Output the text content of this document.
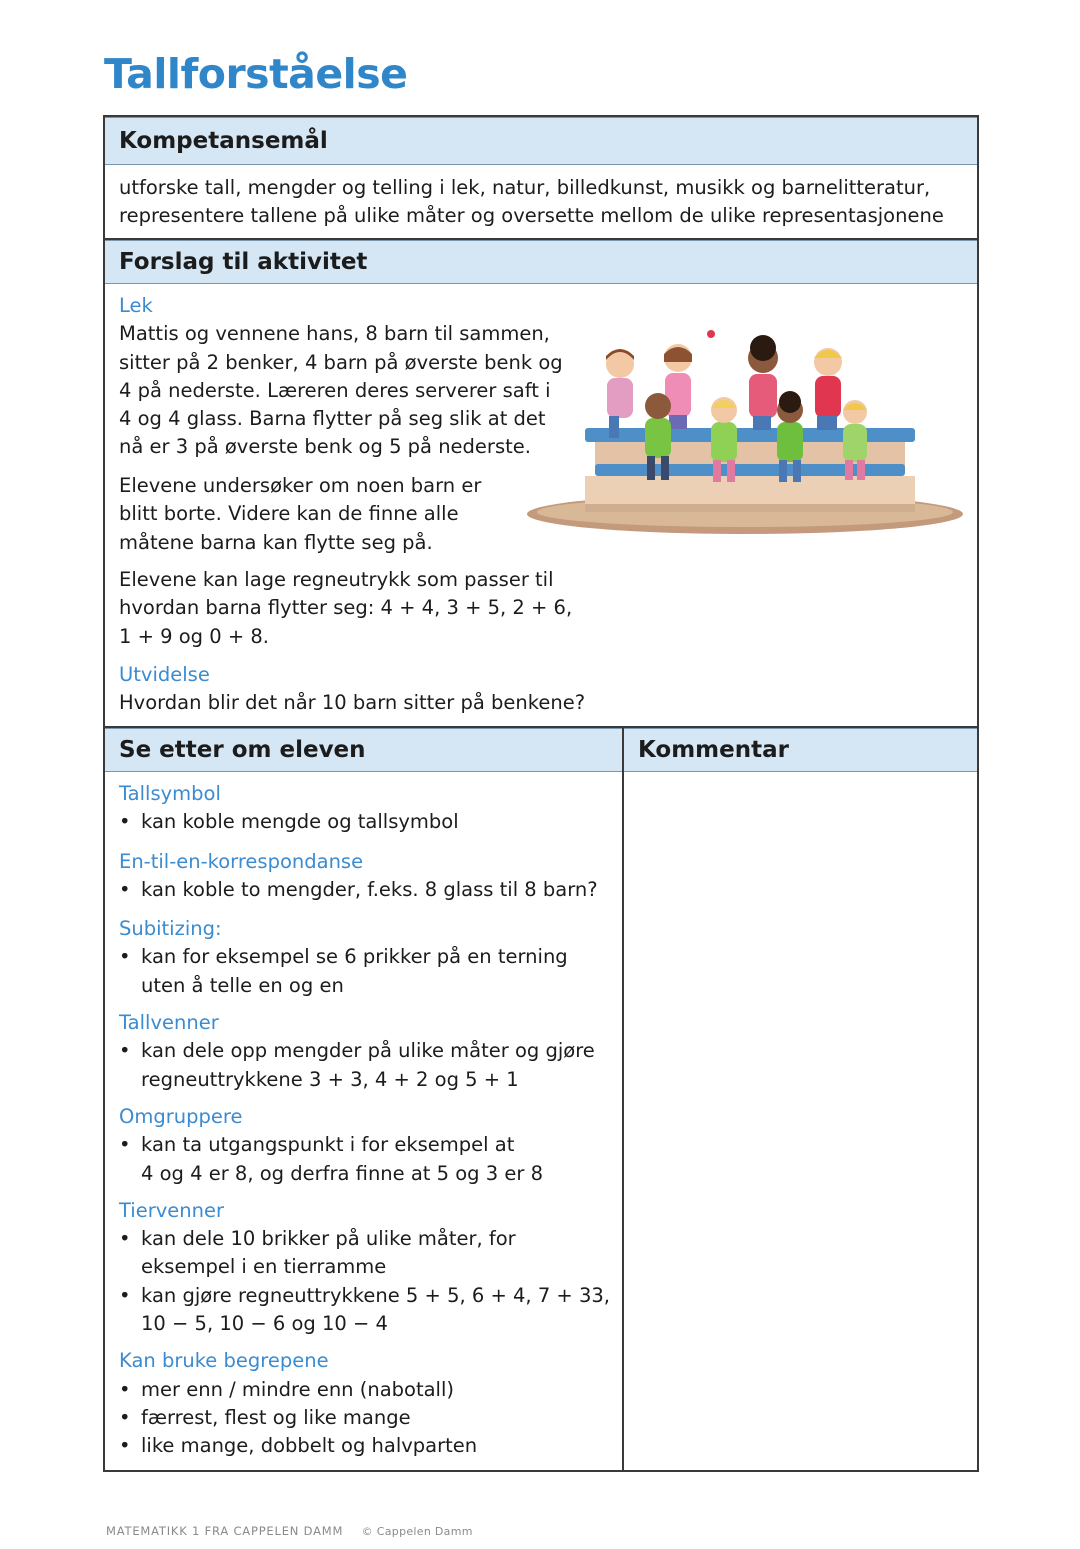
Tallforståelse
Kompetansemål
utforske tall, mengder og telling i lek, natur, billedkunst, musikk og barnelitteratur,
representere tallene på ulike måter og oversette mellom de ulike representasjonene
Forslag til aktivitet
Lek
Mattis og vennene hans, 8 barn til sammen,
sitter på 2 benker, 4 barn på øverste benk og
4 på nederste. Læreren deres serverer saft i
4 og 4 glass. Barna flytter på seg slik at det
nå er 3 på øverste benk og 5 på nederste.
Elevene undersøker om noen barn er
blitt borte. Videre kan de finne alle
måtene barna kan flytte seg på.
Elevene kan lage regneutrykk som passer til
hvordan barna flytter seg: 4 + 4, 3 + 5, 2 + 6,
1 + 9 og 0 + 8.
Utvidelse
Hvordan blir det når 10 barn sitter på benkene?
Se etter om eleven	Kommentar
Tallsymbol
• kan koble mengde og tallsymbol
En-til-en-korrespondanse
• kan koble to mengder, f.eks. 8 glass til 8 barn?
Subitizing:
• kan for eksempel se 6 prikker på en terning
uten å telle en og en
Tallvenner
• kan dele opp mengder på ulike måter og gjøre
regneuttrykkene 3 + 3, 4 + 2 og 5 + 1
Omgruppere
• kan ta utgangspunkt i for eksempel at
4 og 4 er 8, og derfra finne at 5 og 3 er 8
Tiervenner
• kan dele 10 brikker på ulike måter, for
eksempel i en tierramme
• kan gjøre regneuttrykkene 5 + 5, 6 + 4, 7 + 33,
10 − 5, 10 − 6 og 10 − 4
Kan bruke begrepene
• mer enn / mindre enn (nabotall)
• færrest, flest og like mange
• like mange, dobbelt og halvparten
MATEMATIKK 1 FRA CAPPELEN DAMM © Cappelen Damm
